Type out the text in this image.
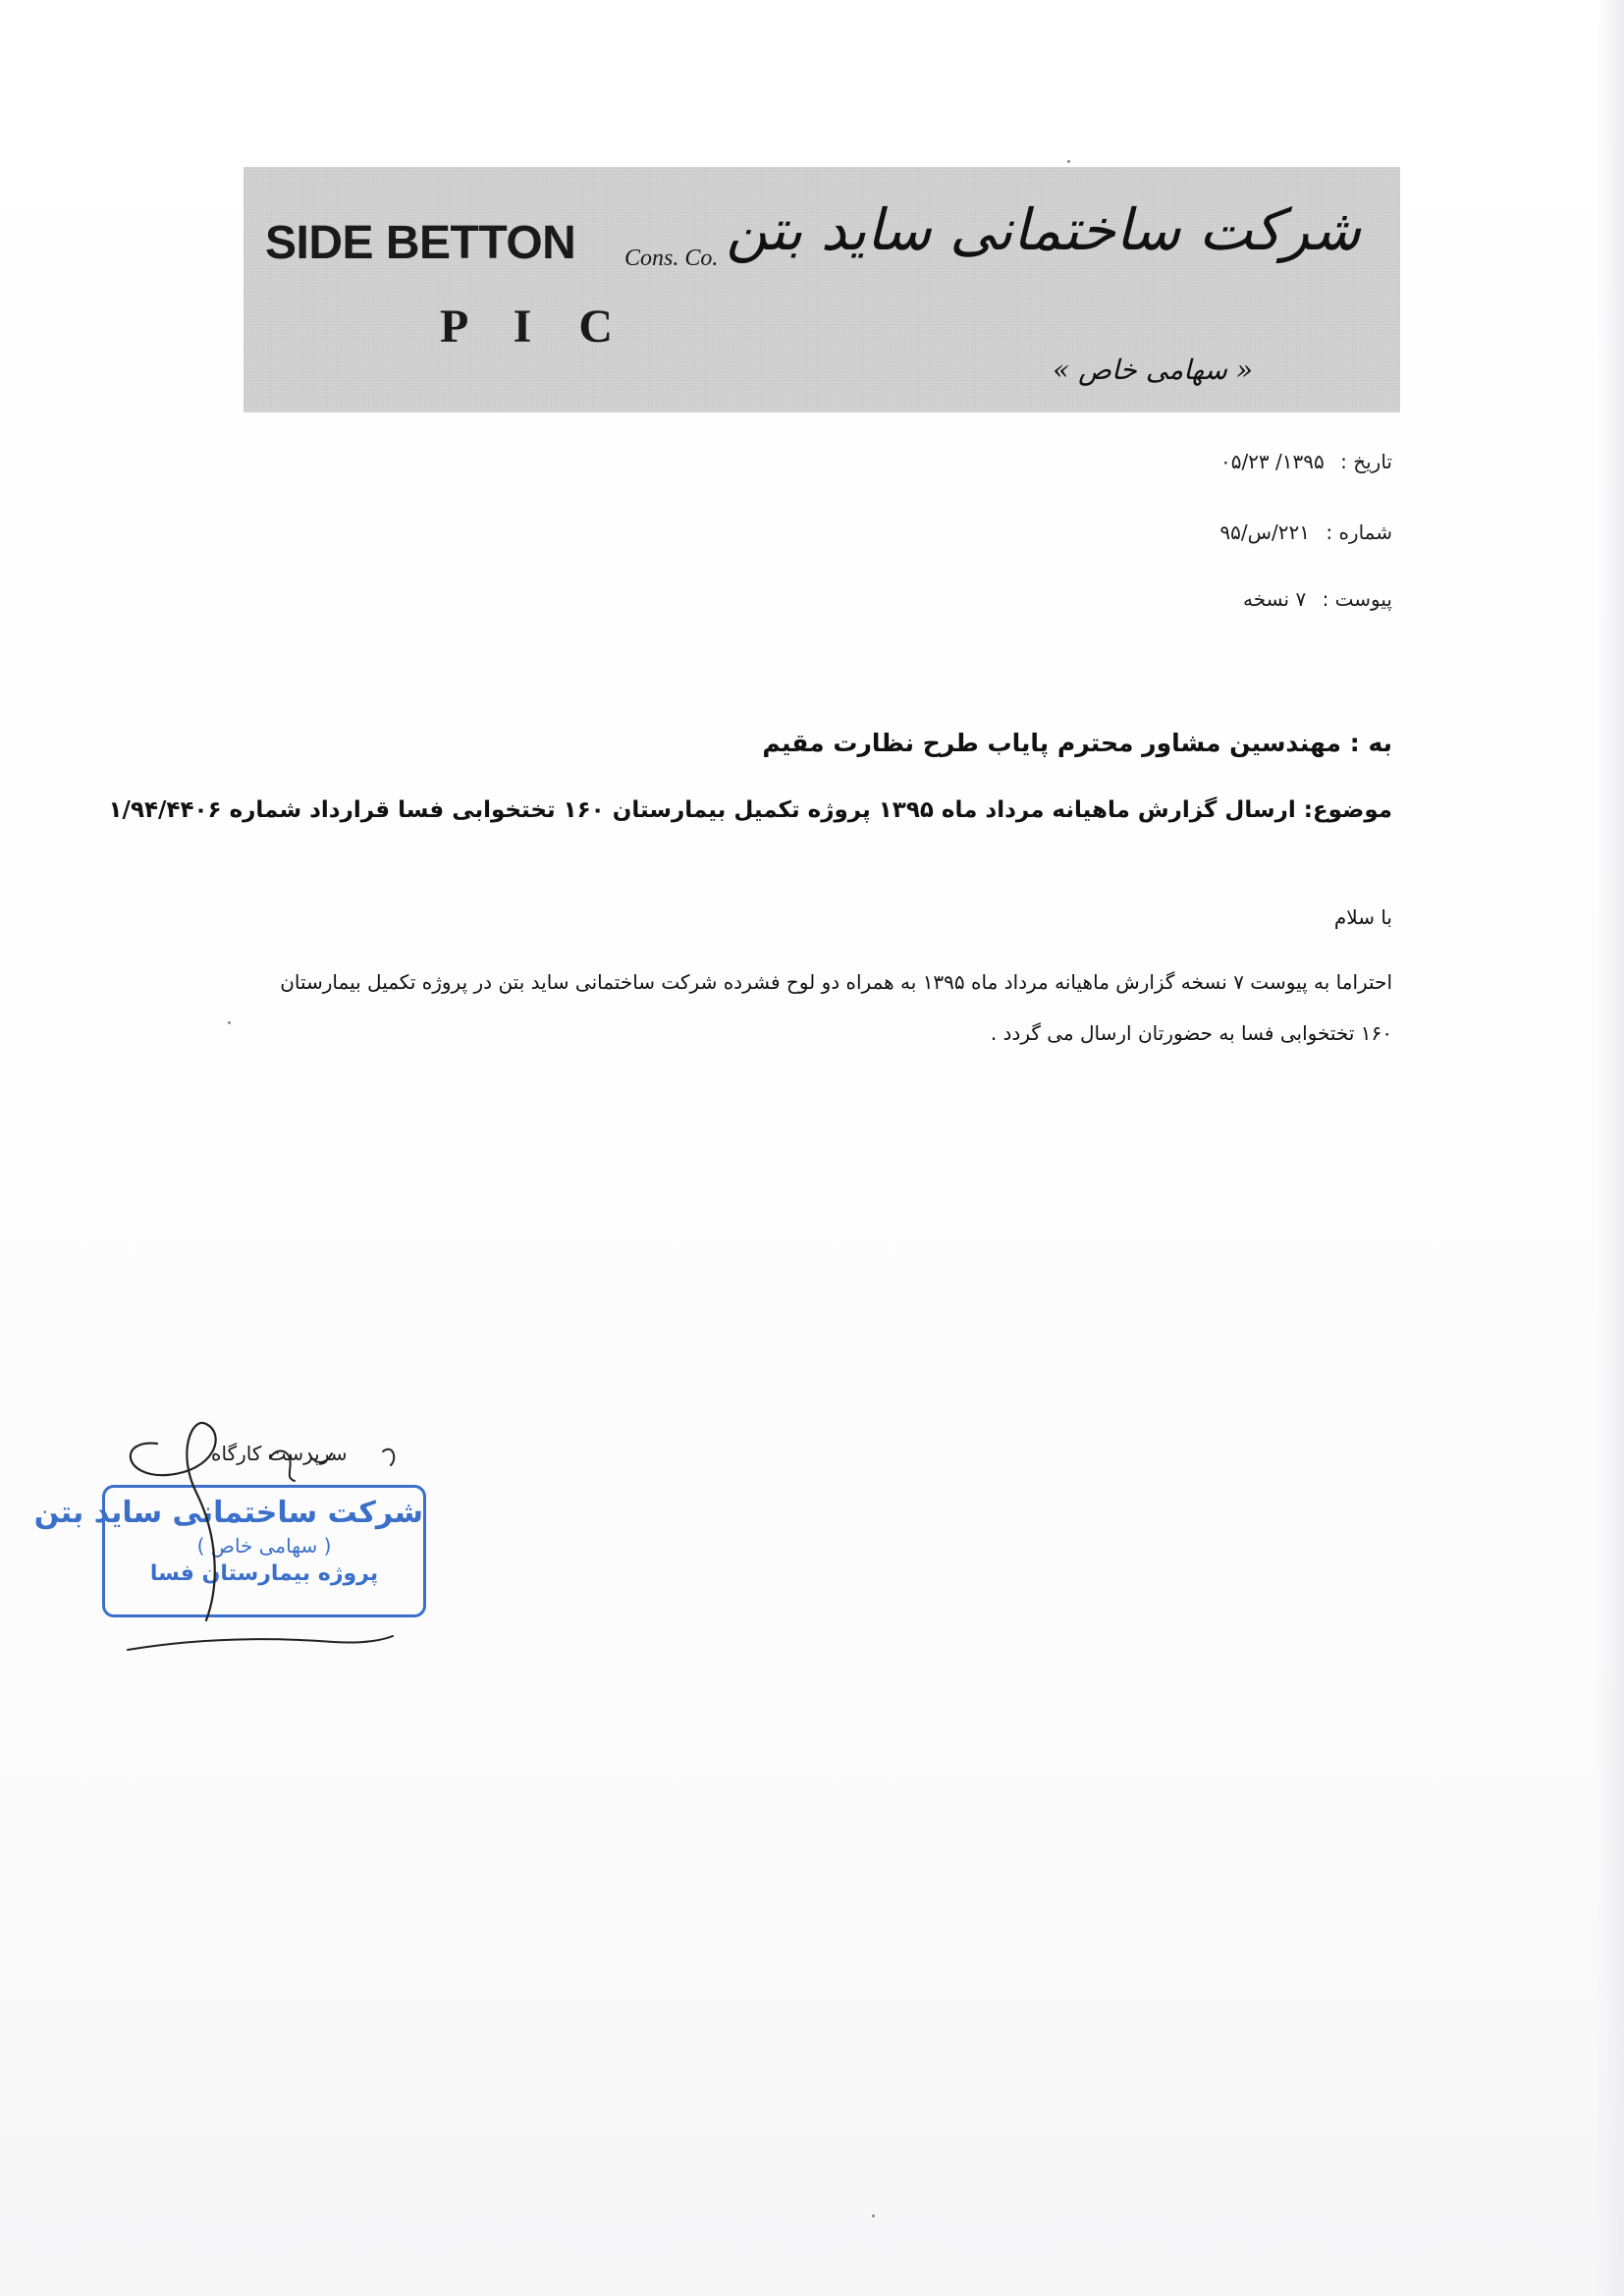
SIDE BETTON Cons. Co.
P I C
شرکت ساختمانی ساید بتن
« سهامی خاص »
تاریخ : ۱۳۹۵/ ۰۵/۲۳
شماره : ۲۲۱/س/۹۵
پیوست : ۷ نسخه
به : مهندسین مشاور محترم پایاب طرح نظارت مقیم
موضوع: ارسال گزارش ماهیانه مرداد ماه ۱۳۹۵ پروژه تکمیل بیمارستان ۱۶۰ تختخوابی فسا قرارداد شماره ۱/۹۴/۴۴۰۶
با سلام
احتراما به پیوست ۷ نسخه گزارش ماهیانه مرداد ماه ۱۳۹۵ به همراه دو لوح فشرده شرکت ساختمانی ساید بتن در پروژه تکمیل بیمارستان
۱۶۰ تختخوابی فسا به حضورتان ارسال می گردد .
سرپرست کارگاه
شرکت ساختمانی ساید بتن
( سهامی خاص )
پروژه بیمارستان فسا
